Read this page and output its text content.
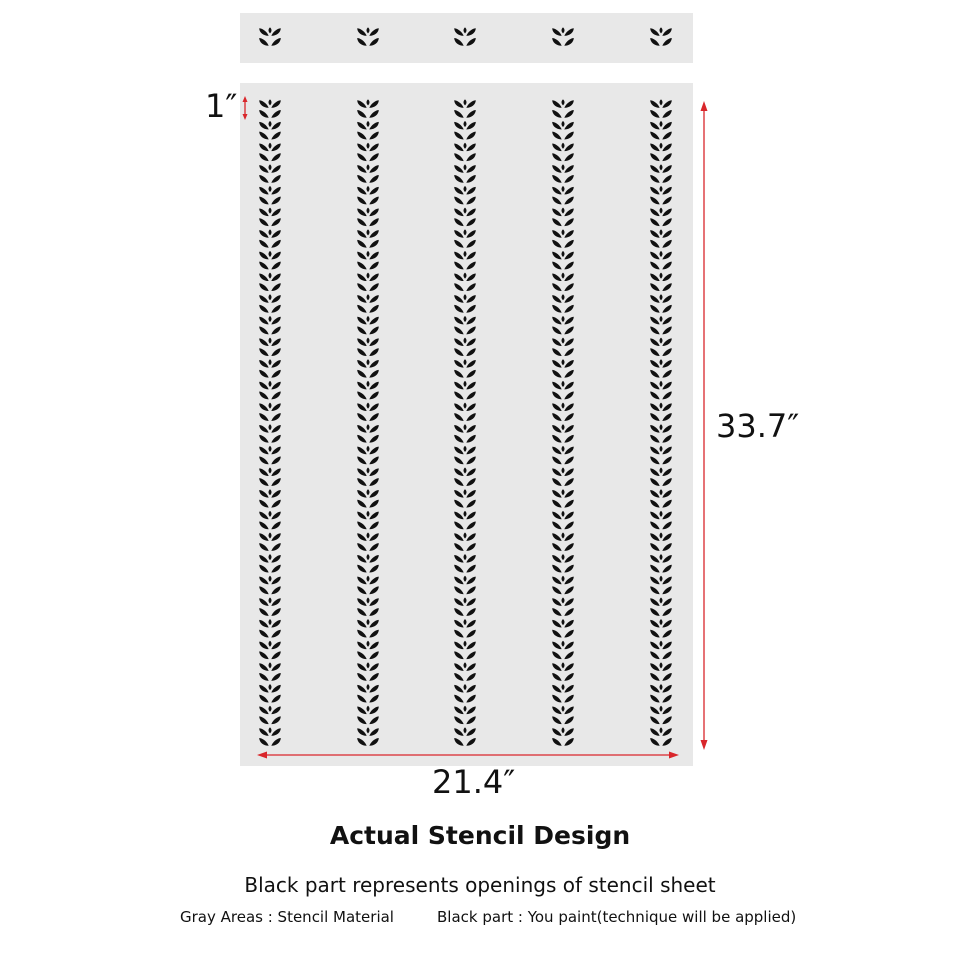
33.7″
21.4″
1″
Actual Stencil Design
Black part represents openings of stencil sheet
Gray Areas : Stencil Material	Black part : You paint(technique will be applied)
